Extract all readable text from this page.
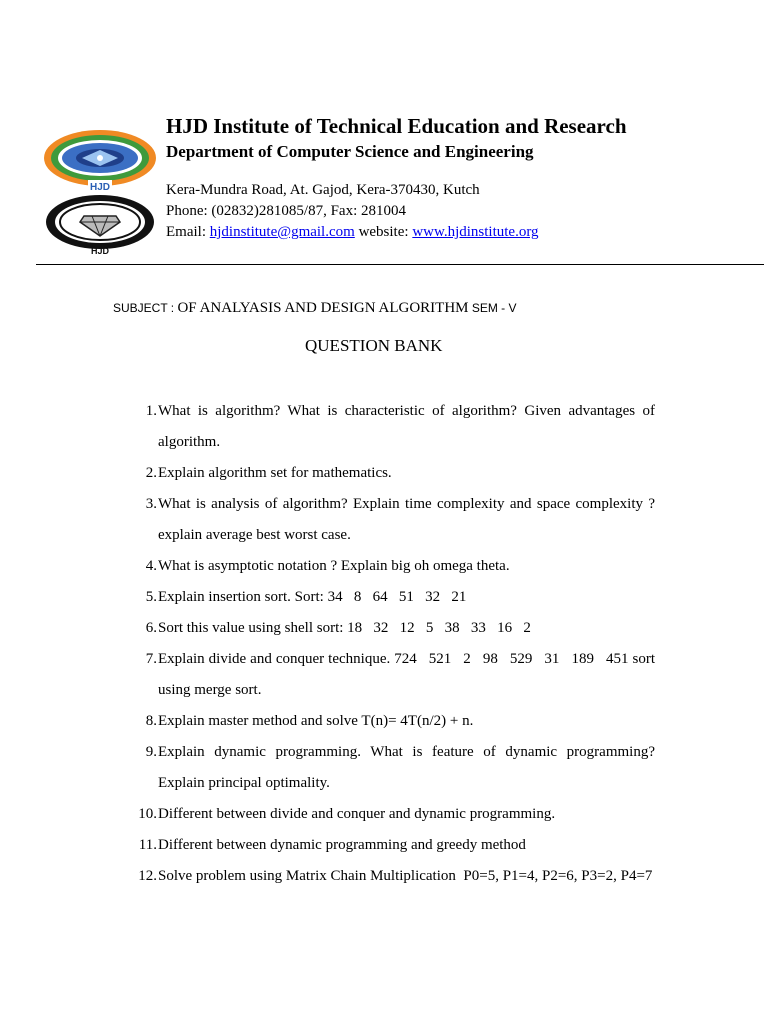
HJD
HJD
HJD Institute of Technical Education and Research
Department of Computer Science and Engineering
Kera-Mundra Road, At. Gajod, Kera-370430, Kutch
Phone: (02832)281085/87, Fax: 281004
Email: hjdinstitute@gmail.com website: www.hjdinstitute.org
SUBJECT : OF ANALYASIS AND DESIGN ALGORITHM SEM - V
QUESTION BANK
1. What is algorithm? What is characteristic of algorithm? Given advantages of algorithm.
2. Explain algorithm set for mathematics.
3. What is analysis of algorithm? Explain time complexity and space complexity ? explain average best worst case.
4. What is asymptotic notation ? Explain big oh omega theta.
5. Explain insertion sort. Sort: 34   8   64   51   32   21
6. Sort this value using shell sort: 18   32   12   5   38   33   16   2
7. Explain divide and conquer technique. 724   521   2   98   529   31   189   451 sort using merge sort.
8. Explain master method and solve T(n)= 4T(n/2) + n.
9. Explain dynamic programming. What is feature of dynamic programming? Explain principal optimality.
10. Different between divide and conquer and dynamic programming.
11. Different between dynamic programming and greedy method
12. Solve problem using Matrix Chain Multiplication  P0=5, P1=4, P2=6, P3=2, P4=7
